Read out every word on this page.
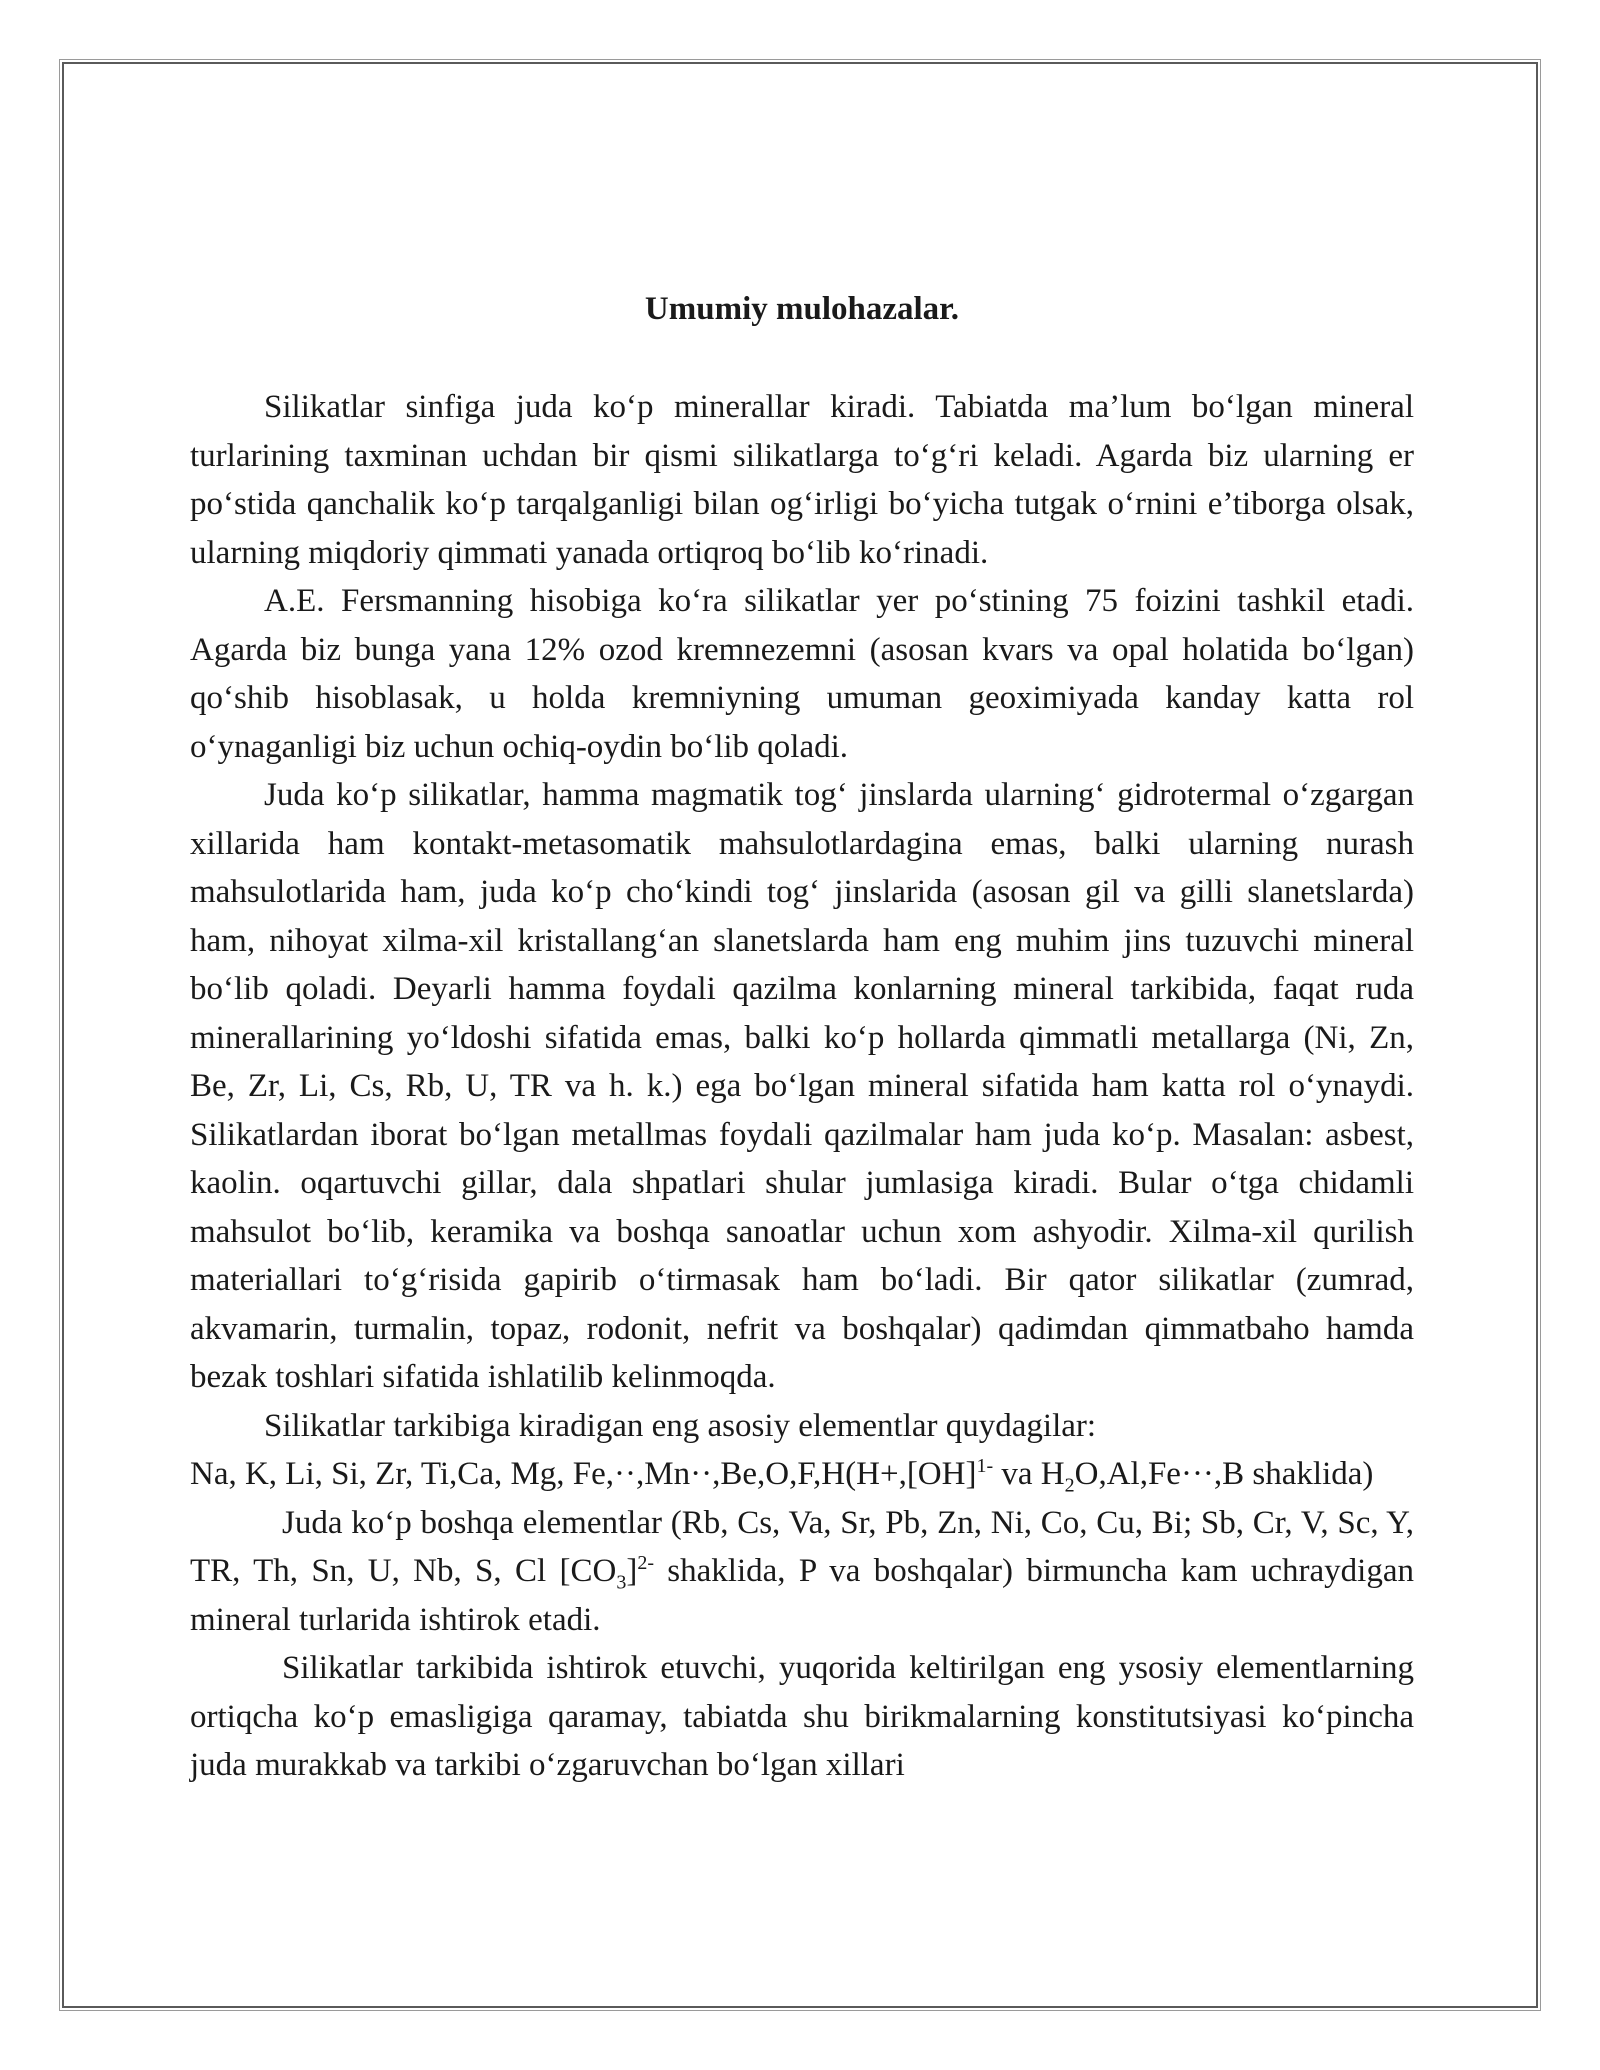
Umumiy mulohazalar.

Silikatlar sinfiga juda ko‘p minerallar kiradi. Tabiatda ma’lum bo‘lgan mineral turlarining taxminan uchdan bir qismi silikatlarga to‘g‘ri keladi. Agarda biz ularning er po‘stida qanchalik ko‘p tarqalganligi bilan og‘irligi bo‘yicha tutgak o‘rnini e’tiborga olsak, ularning miqdoriy qimmati yanada ortiqroq bo‘lib ko‘rinadi.

A.E. Fersmanning hisobiga ko‘ra silikatlar yer po‘stining 75 foizini tashkil etadi. Agarda biz bunga yana 12% ozod kremnezemni (asosan kvars va opal holatida bo‘lgan) qo‘shib hisoblasak, u holda kremniyning umuman geoximiyada kanday katta rol o‘ynaganligi biz uchun ochiq-oydin bo‘lib qoladi.

Juda ko‘p silikatlar, hamma magmatik tog‘ jinslarda ularning‘ gidrotermal o‘zgargan xillarida ham kontakt-metasomatik mahsulotlardagina emas, balki ularning nurash mahsulotlarida ham, juda ko‘p cho‘kindi tog‘ jinslarida (asosan gil va gilli slanetslarda) ham, nihoyat xilma-xil kristallang‘an slanetslarda ham eng muhim jins tuzuvchi mineral bo‘lib qoladi. Deyarli hamma foydali qazilma konlarning mineral tarkibida, faqat ruda minerallarining yo‘ldoshi sifatida emas, balki ko‘p hollarda qimmatli metallarga (Ni, Zn, Be, Zr, Li, Cs, Rb, U, TR va h. k.) ega bo‘lgan mineral sifatida ham katta rol o‘ynaydi. Silikatlardan iborat bo‘lgan metallmas foydali qazilmalar ham juda ko‘p. Masalan: asbest, kaolin. oqartuvchi gillar, dala shpatlari shular jumlasiga kiradi. Bular o‘tga chidamli mahsulot bo‘lib, keramika va boshqa sanoatlar uchun xom ashyodir. Xilma-xil qurilish materiallari to‘g‘risida gapirib o‘tirmasak ham bo‘ladi. Bir qator silikatlar (zumrad, akvamarin, turmalin, topaz, rodonit, nefrit va boshqalar) qadimdan qimmatbaho hamda bezak toshlari sifatida ishlatilib kelinmoqda.

Silikatlar tarkibiga kiradigan eng asosiy elementlar quydagilar:

Na, K, Li, Si, Zr, Ti,Ca, Mg, Fe,··,Mn··,Be,O,F,H(H+,[OH]$^{1-}$ va $H_2O,Al,Fe\cdot\cdot\cdot,B$ shaklida)

Juda ko‘p boshqa elementlar (Rb, Cs, Va, Sr, Pb, Zn, Ni, Co, Cu, Bi; Sb, Cr, V, Sc, Y, TR, Th, Sn, U, Nb, S, Cl $[CO_3]^{2-}$ shaklida, P va boshqalar) birmuncha kam uchraydigan mineral turlarida ishtirok etadi.

Silikatlar tarkibida ishtirok etuvchi, yuqorida keltirilgan eng ysosiy elementlarning ortiqcha ko‘p emasligiga qaramay, tabiatda shu birikmalarning konstitutsiyasi ko‘pincha juda murakkab va tarkibi o‘zgaruvchan bo‘lgan xillari
